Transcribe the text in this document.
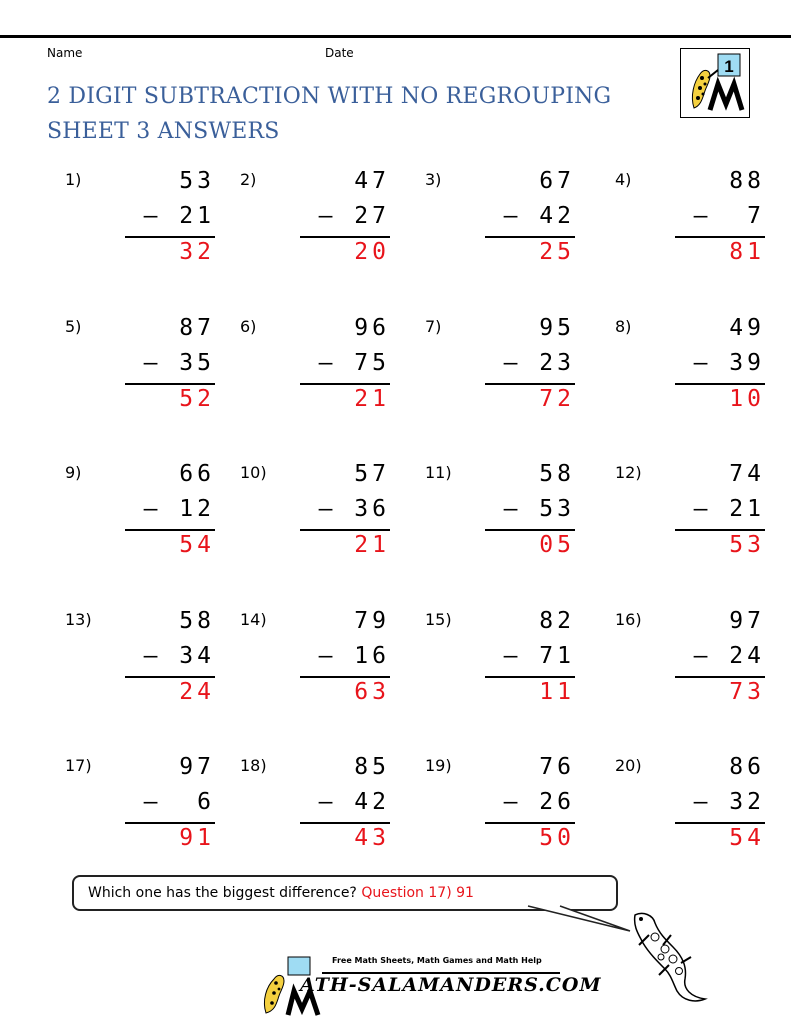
Name	Date
2 DIGIT SUBTRACTION WITH NO REGROUPING
SHEET 3 ANSWERS
1
1)	53
– 21
32
2)	47
– 27
20
3)	67
– 42
25
4)	88
–  7
81
5)	87
– 35
52
6)	96
– 75
21
7)	95
– 23
72
8)	49
– 39
10
9)	66
– 12
54
10)	57
– 36
21
11)	58
– 53
05
12)	74
– 21
53
13)	58
– 34
24
14)	79
– 16
63
15)	82
– 71
11
16)	97
– 24
73
17)	97
–  6
91
18)	85
– 42
43
19)	76
– 26
50
20)	86
– 32
54
Which one has the biggest difference? Question 17) 91
Free Math Sheets, Math Games and Math Help
ATH-SALAMANDERS.COM
